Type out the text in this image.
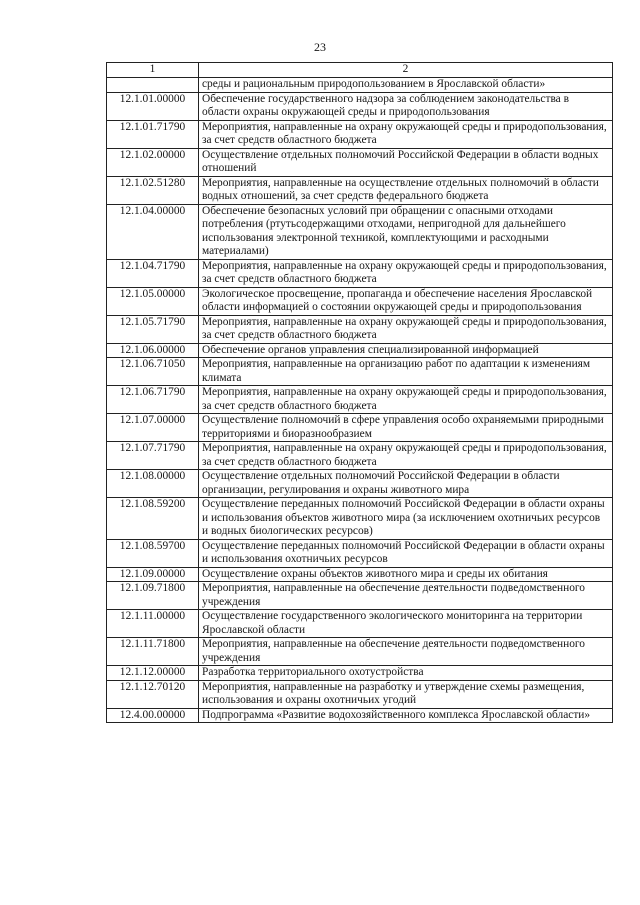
23
1	2
	среды и рациональным природопользованием в Ярославской области»
12.1.01.00000	Обеспечение государственного надзора за соблюдением законодательства в области охраны окружающей среды и природопользования
12.1.01.71790	Мероприятия, направленные на охрану окружающей среды и природопользования, за счет средств областного бюджета
12.1.02.00000	Осуществление отдельных полномочий Российской Федерации в области водных отношений
12.1.02.51280	Мероприятия, направленные на осуществление отдельных полномочий в области водных отношений, за счет средств федерального бюджета
12.1.04.00000	Обеспечение безопасных условий при обращении с опасными отходами потребления (ртутьсодержащими отходами, непригодной для дальнейшего использования электронной техникой, комплектующими и расходными материалами)
12.1.04.71790	Мероприятия, направленные на охрану окружающей среды и природопользования, за счет средств областного бюджета
12.1.05.00000	Экологическое просвещение, пропаганда и обеспечение населения Ярославской области информацией о состоянии окружающей среды и природопользования
12.1.05.71790	Мероприятия, направленные на охрану окружающей среды и природопользования, за счет средств областного бюджета
12.1.06.00000	Обеспечение органов управления специализированной информацией
12.1.06.71050	Мероприятия, направленные на организацию работ по адаптации к изменениям климата
12.1.06.71790	Мероприятия, направленные на охрану окружающей среды и природопользования, за счет средств областного бюджета
12.1.07.00000	Осуществление полномочий в сфере управления особо охраняемыми природными территориями и биоразнообразием
12.1.07.71790	Мероприятия, направленные на охрану окружающей среды и природопользования, за счет средств областного бюджета
12.1.08.00000	Осуществление отдельных полномочий Российской Федерации в области организации, регулирования и охраны животного мира
12.1.08.59200	Осуществление переданных полномочий Российской Федерации в области охраны и использования объектов животного мира (за исключением охотничьих ресурсов и водных биологических ресурсов)
12.1.08.59700	Осуществление переданных полномочий Российской Федерации в области охраны и использования охотничьих ресурсов
12.1.09.00000	Осуществление охраны объектов животного мира и среды их обитания
12.1.09.71800	Мероприятия, направленные на обеспечение деятельности подведомственного учреждения
12.1.11.00000	Осуществление государственного экологического мониторинга на территории Ярославской области
12.1.11.71800	Мероприятия, направленные на обеспечение деятельности подведомственного учреждения
12.1.12.00000	Разработка территориального охотустройства
12.1.12.70120	Мероприятия, направленные на разработку и утверждение схемы размещения, использования и охраны охотничьих угодий
12.4.00.00000	Подпрограмма «Развитие водохозяйственного комплекса Ярославской области»
